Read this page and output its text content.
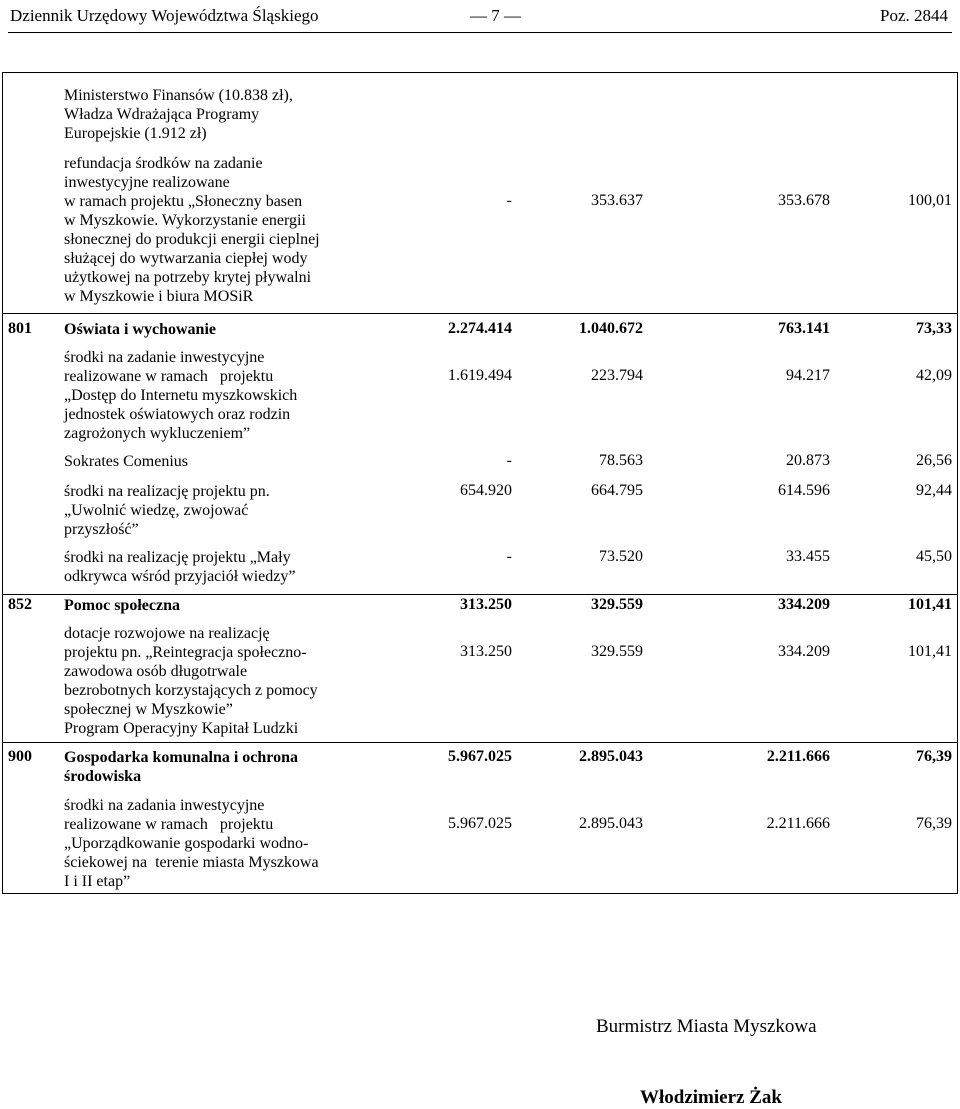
Dziennik Urzędowy Województwa Śląskiego	— 7 —	Poz. 2844
Ministerstwo Finansów (10.838 zł),
Władza Wdrażająca Programy
Europejskie (1.912 zł)
refundacja środków na zadanie
inwestycyjne realizowane
w ramach projektu „Słoneczny basen
w Myszkowie. Wykorzystanie energii
słonecznej do produkcji energii cieplnej
służącej do wytwarzania ciepłej wody
użytkowej na potrzeby krytej pływalni
w Myszkowie i biura MOSiR
-	353.637	353.678	100,01
801 Oświata i wychowanie	2.274.414	1.040.672	763.141	73,33
środki na zadanie inwestycyjne
realizowane w ramach   projektu
„Dostęp do Internetu myszkowskich
jednostek oświatowych oraz rodzin
zagrożonych wykluczeniem”
1.619.494	223.794	94.217	42,09
Sokrates Comenius	-	78.563	20.873	26,56
środki na realizację projektu pn.
„Uwolnić wiedzę, zwojować
przyszłość”
654.920	664.795	614.596	92,44
środki na realizację projektu „Mały
odkrywca wśród przyjaciół wiedzy”
-	73.520	33.455	45,50
852 Pomoc społeczna	313.250	329.559	334.209	101,41
dotacje rozwojowe na realizację
projektu pn. „Reintegracja społeczno-
zawodowa osób długotrwale
bezrobotnych korzystających z pomocy
społecznej w Myszkowie”
Program Operacyjny Kapitał Ludzki
313.250	329.559	334.209	101,41
900 Gospodarka komunalna i ochrona
środowiska
5.967.025	2.895.043	2.211.666	76,39
środki na zadania inwestycyjne
realizowane w ramach   projektu
„Uporządkowanie gospodarki wodno-
ściekowej na  terenie miasta Myszkowa
I i II etap”
5.967.025	2.895.043	2.211.666	76,39
Burmistrz Miasta Myszkowa
Włodzimierz Żak
